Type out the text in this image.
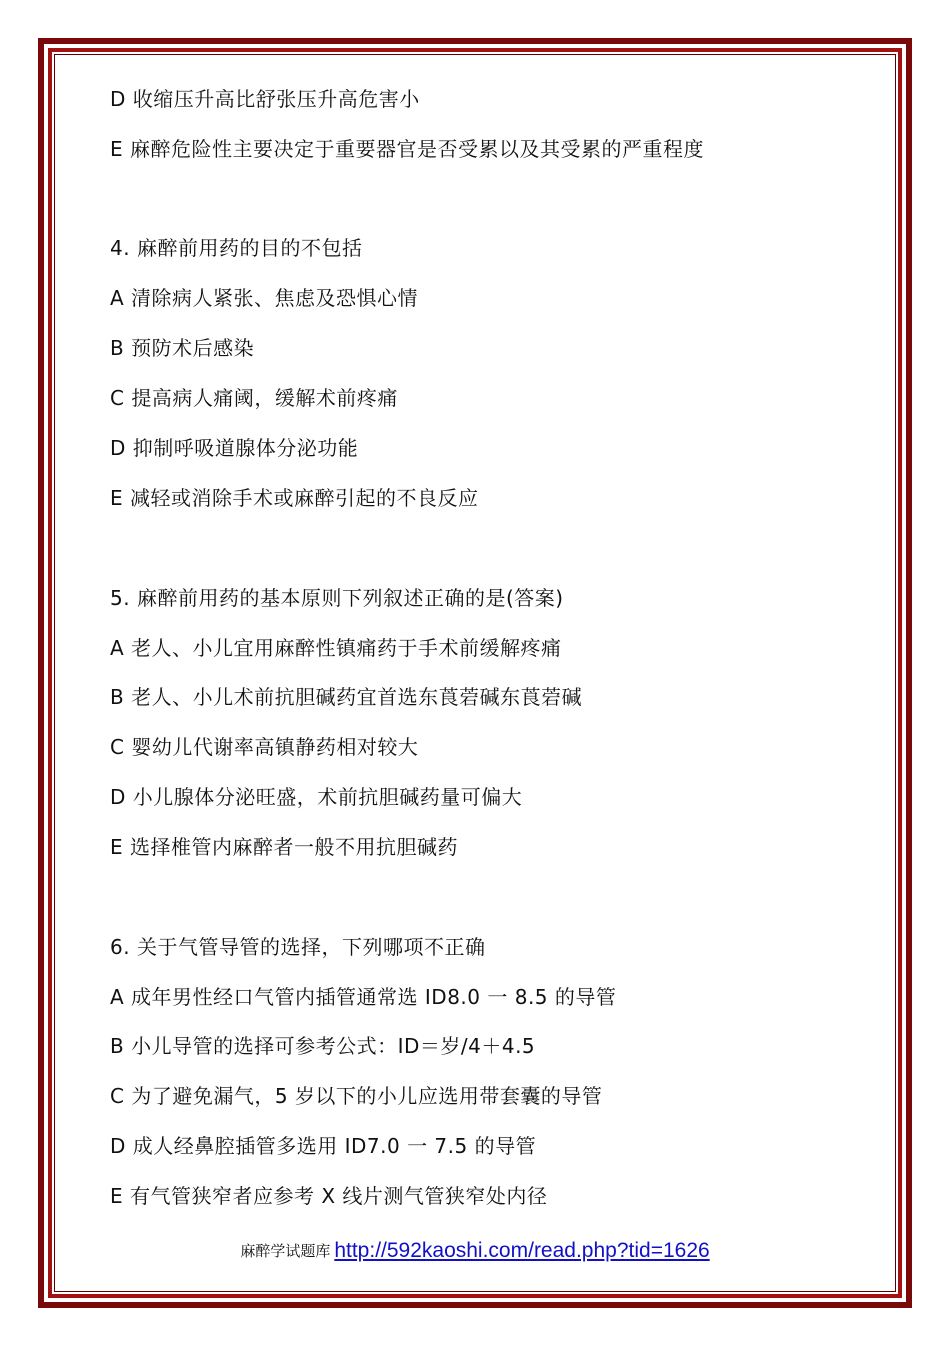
D 收缩压升高比舒张压升高危害小
E 麻醉危险性主要决定于重要器官是否受累以及其受累的严重程度
4. 麻醉前用药的目的不包括
A 清除病人紧张、焦虑及恐惧心情
B 预防术后感染
C 提高病人痛阈，缓解术前疼痛
D 抑制呼吸道腺体分泌功能
E 减轻或消除手术或麻醉引起的不良反应
5. 麻醉前用药的基本原则下列叙述正确的是(答案)
A 老人、小儿宜用麻醉性镇痛药于手术前缓解疼痛
B 老人、小儿术前抗胆碱药宜首选东莨菪碱东莨菪碱
C 婴幼儿代谢率高镇静药相对较大
D 小儿腺体分泌旺盛，术前抗胆碱药量可偏大
E 选择椎管内麻醉者一般不用抗胆碱药
6. 关于气管导管的选择，下列哪项不正确
A 成年男性经口气管内插管通常选 ID8.0 一 8.5 的导管
B 小儿导管的选择可参考公式：ID＝岁/4＋4.5
C 为了避免漏气，5 岁以下的小儿应选用带套囊的导管
D 成人经鼻腔插管多选用 ID7.0 一 7.5 的导管
E 有气管狭窄者应参考 X 线片测气管狭窄处内径
麻醉学试题库 http://592kaoshi.com/read.php?tid=1626
